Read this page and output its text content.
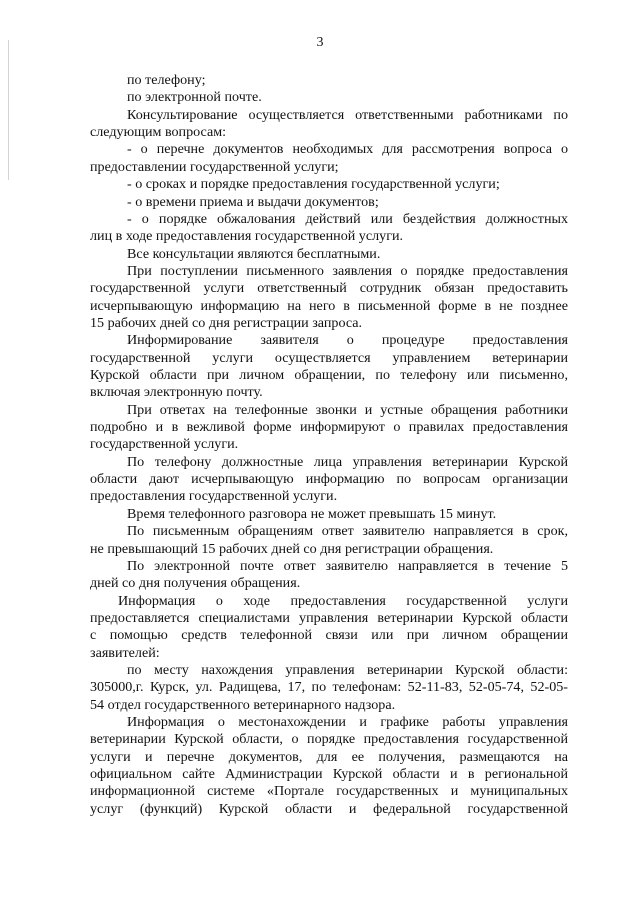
3
по телефону;
по электронной почте.
Консультирование осуществляется ответственными работниками по
следующим вопросам:
- о перечне документов необходимых для рассмотрения вопроса о
предоставлении государственной услуги;
- о сроках и порядке предоставления государственной услуги;
- о времени приема и выдачи документов;
- о порядке обжалования действий или бездействия должностных
лиц в ходе предоставления государственной услуги.
Все консультации являются бесплатными.
При поступлении письменного заявления о порядке предоставления
государственной услуги ответственный сотрудник обязан предоставить
исчерпывающую информацию на него в письменной форме в не позднее
15 рабочих дней со дня регистрации запроса.
Информирование заявителя о процедуре предоставления
государственной услуги осуществляется управлением ветеринарии
Курской области при личном обращении, по телефону или письменно,
включая электронную почту.
При ответах на телефонные звонки и устные обращения работники
подробно и в вежливой форме информируют о правилах предоставления
государственной услуги.
По телефону должностные лица управления ветеринарии Курской
области дают исчерпывающую информацию по вопросам организации
предоставления государственной услуги.
Время телефонного разговора не может превышать 15 минут.
По письменным обращениям ответ заявителю направляется в срок,
не превышающий 15 рабочих дней со дня регистрации обращения.
По электронной почте ответ заявителю направляется в течение 5
дней со дня получения обращения.
Информация о ходе предоставления государственной услуги
предоставляется специалистами управления ветеринарии Курской области
с помощью средств телефонной связи или при личном обращении
заявителей:
по месту нахождения управления ветеринарии Курской области:
305000,г. Курск, ул. Радищева, 17, по телефонам: 52-11-83, 52-05-74, 52-05-
54 отдел государственного ветеринарного надзора.
Информация о местонахождении и графике работы управления
ветеринарии Курской области, о порядке предоставления государственной
услуги и перечне документов, для ее получения, размещаются на
официальном сайте Администрации Курской области и в региональной
информационной системе «Портале государственных и муниципальных
услуг (функций) Курской области и федеральной государственной
